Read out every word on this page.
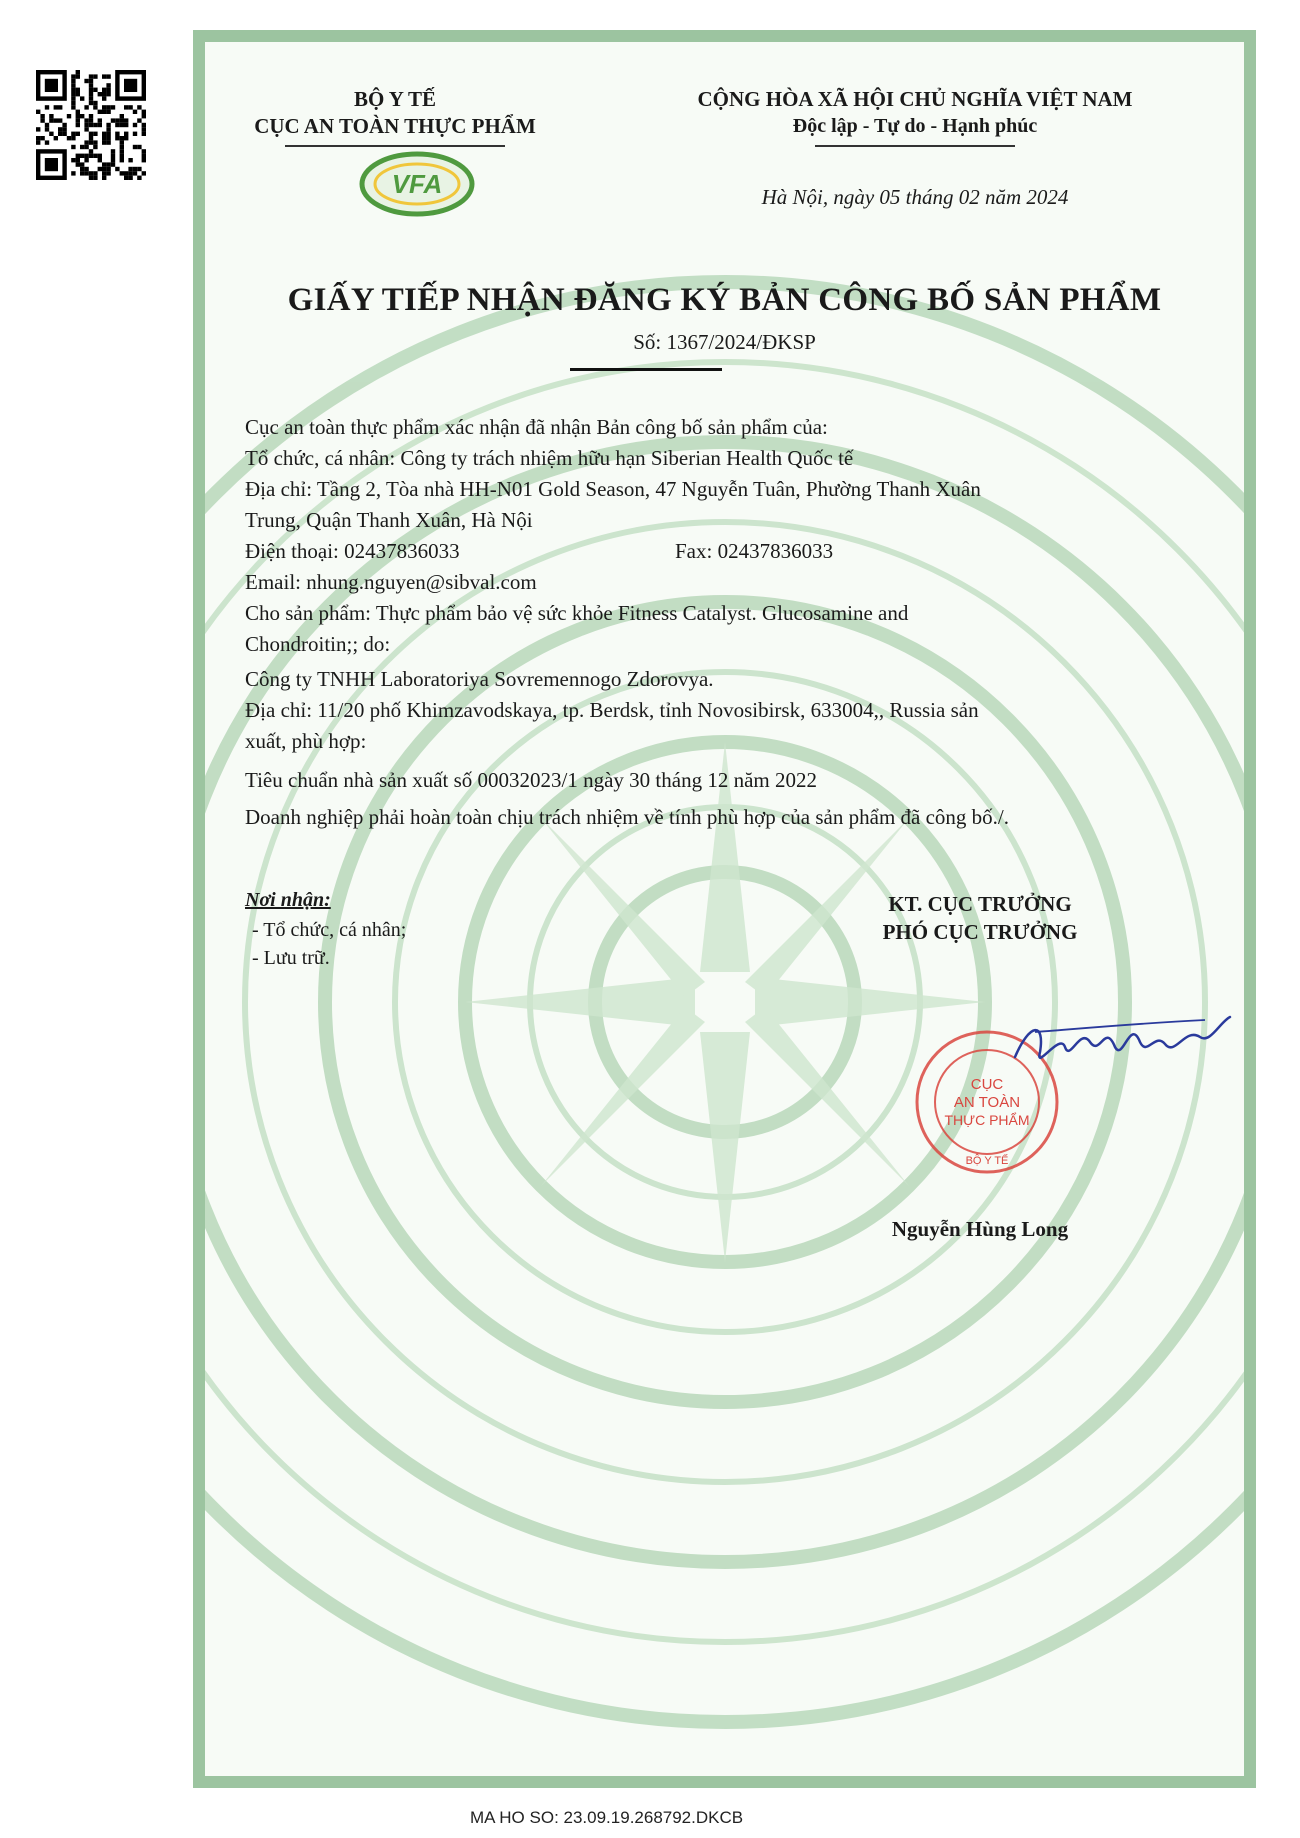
BỘ Y TẾ
CỤC AN TOÀN THỰC PHẨM
VFA
CỘNG HÒA XÃ HỘI CHỦ NGHĨA VIỆT NAM
Độc lập - Tự do - Hạnh phúc
Hà Nội, ngày 05 tháng 02 năm 2024
GIẤY TIẾP NHẬN ĐĂNG KÝ BẢN CÔNG BỐ SẢN PHẨM
Số: 1367/2024/ĐKSP
Cục an toàn thực phẩm xác nhận đã nhận Bản công bố sản phẩm của:
Tổ chức, cá nhân: Công ty trách nhiệm hữu hạn Siberian Health Quốc tế
Địa chỉ: Tầng 2, Tòa nhà HH-N01 Gold Season, 47 Nguyễn Tuân, Phường Thanh Xuân
Trung, Quận Thanh Xuân, Hà Nội
Điện thoại: 02437836033	Fax: 02437836033
Email: nhung.nguyen@sibval.com
Cho sản phẩm: Thực phẩm bảo vệ sức khỏe Fitness Catalyst. Glucosamine and
Chondroitin;; do:
Công ty TNHH Laboratoriya Sovremennogo Zdorovya.
Địa chỉ: 11/20 phố Khimzavodskaya, tp. Berdsk, tỉnh Novosibirsk, 633004,, Russia sản
xuất, phù hợp:
Tiêu chuẩn nhà sản xuất số 00032023/1 ngày 30 tháng 12 năm 2022
Doanh nghiệp phải hoàn toàn chịu trách nhiệm về tính phù hợp của sản phẩm đã công bố./.
Nơi nhận:
- Tổ chức, cá nhân;
- Lưu trữ.
KT. CỤC TRƯỞNG
PHÓ CỤC TRƯỞNG
CỤC
AN TOÀN
THỰC PHẨM
BỘ Y TẾ
Nguyễn Hùng Long
MA HO SO: 23.09.19.268792.DKCB
